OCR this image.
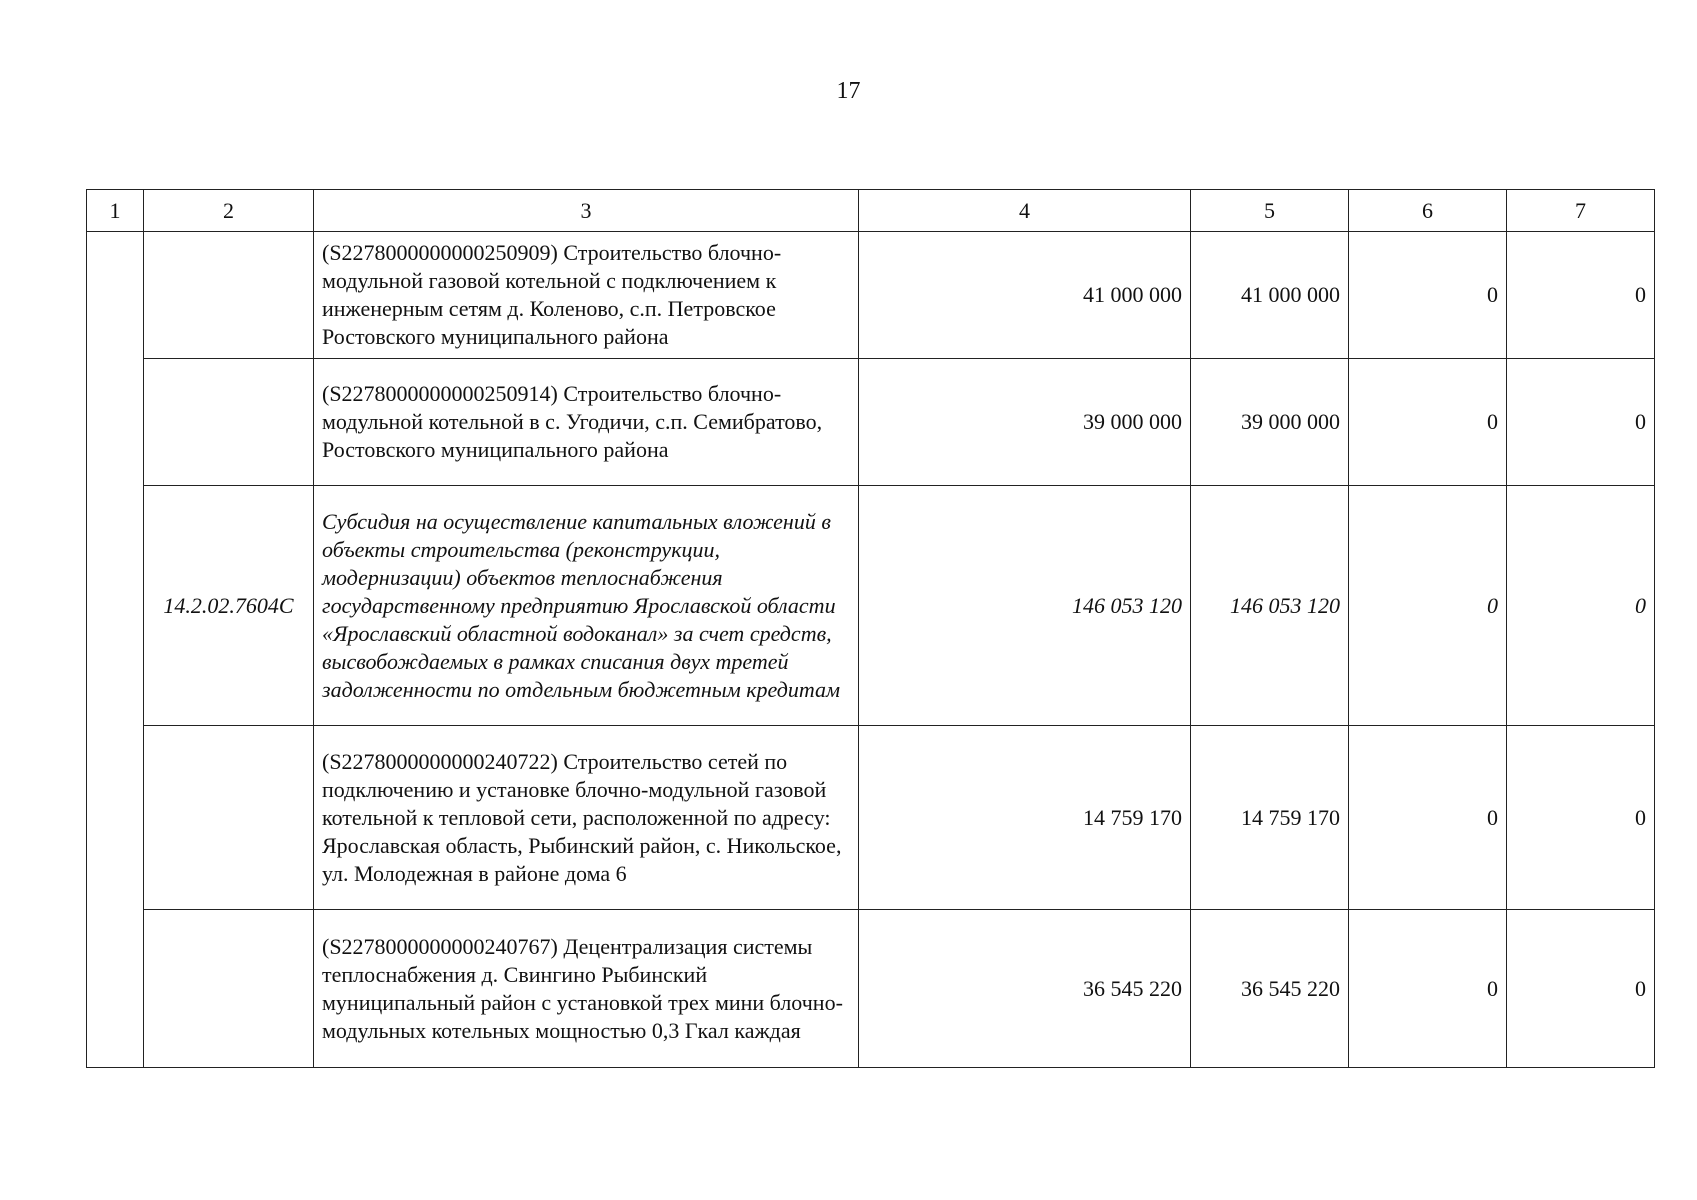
17
1	2	3	4	5	6	7
		(S2278000000000250909) Строительство блочно-модульной газовой котельной с подключением к инженерным сетям д. Коленово, с.п. Петровское Ростовского муниципального района	41 000 000	41 000 000	0	0
		(S2278000000000250914) Строительство блочно-модульной котельной в с. Угодичи, с.п. Семибратово, Ростовского муниципального района	39 000 000	39 000 000	0	0
	14.2.02.7604C	Субсидия на осуществление капитальных вложений в объекты строительства (реконструкции, модернизации) объектов теплоснабжения государственному предприятию Ярославской области «Ярославский областной водоканал» за счет средств, высвобождаемых в рамках списания двух третей задолженности по отдельным бюджетным кредитам	146 053 120	146 053 120	0	0
		(S2278000000000240722) Строительство сетей по подключению и установке блочно-модульной газовой котельной к тепловой сети, расположенной по адресу: Ярославская область, Рыбинский район, с. Никольское, ул. Молодежная в районе дома 6	14 759 170	14 759 170	0	0
		(S2278000000000240767) Децентрализация системы теплоснабжения д. Свингино Рыбинский муниципальный район с установкой трех мини блочно-модульных котельных мощностью 0,3 Гкал каждая	36 545 220	36 545 220	0	0
